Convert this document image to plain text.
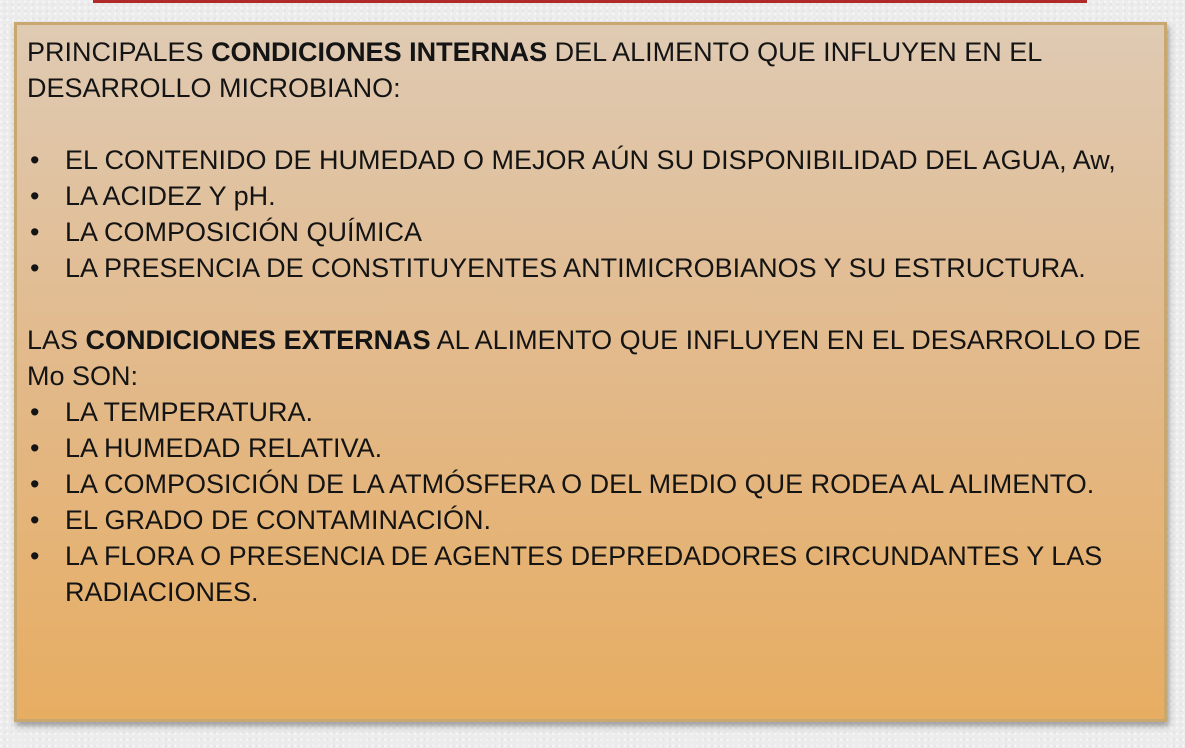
PRINCIPALES CONDICIONES INTERNAS DEL ALIMENTO QUE INFLUYEN EN EL DESARROLLO MICROBIANO:

• EL CONTENIDO DE HUMEDAD O MEJOR AÚN SU DISPONIBILIDAD DEL AGUA, Aw,
• LA ACIDEZ Y pH.
• LA COMPOSICIÓN QUÍMICA
• LA PRESENCIA DE CONSTITUYENTES ANTIMICROBIANOS Y SU ESTRUCTURA.

LAS CONDICIONES EXTERNAS AL ALIMENTO QUE INFLUYEN EN EL DESARROLLO DE Mo SON:

• LA TEMPERATURA.
• LA HUMEDAD RELATIVA.
• LA COMPOSICIÓN DE LA ATMÓSFERA O DEL MEDIO QUE RODEA AL ALIMENTO.
• EL GRADO DE CONTAMINACIÓN.
• LA FLORA O PRESENCIA DE AGENTES DEPREDADORES CIRCUNDANTES Y LAS RADIACIONES.
